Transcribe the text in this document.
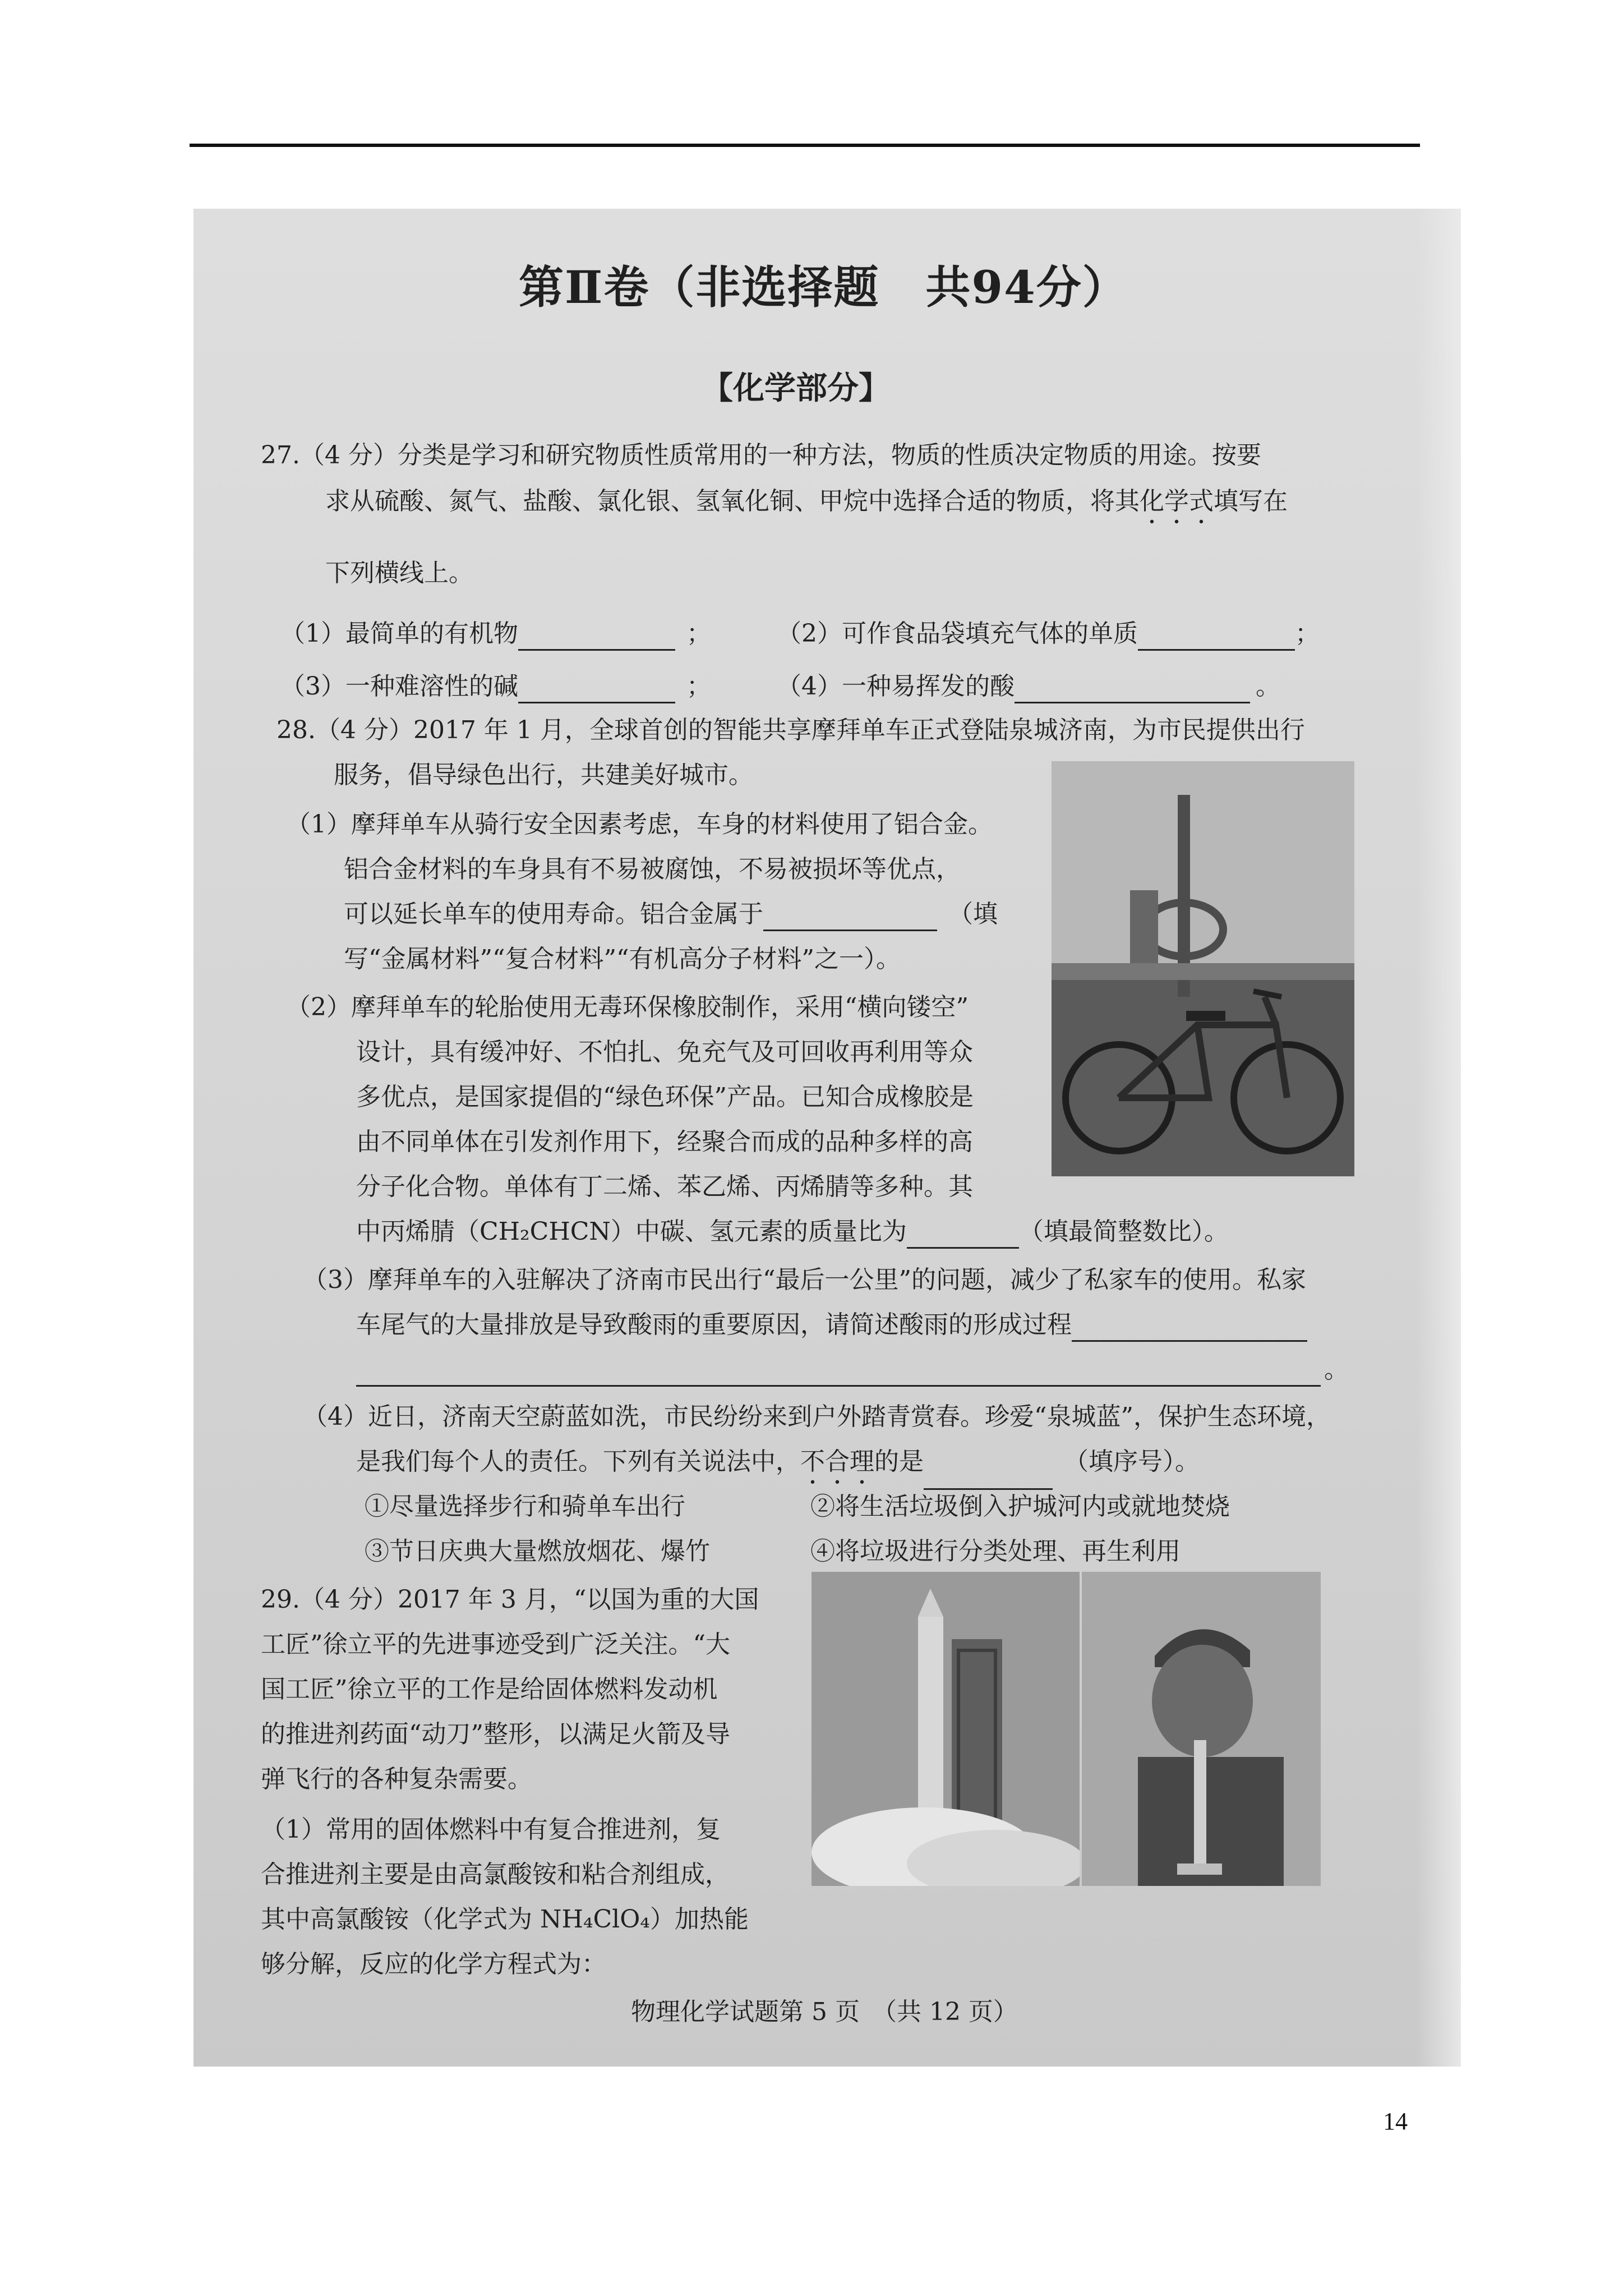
第Ⅱ卷（非选择题　共94分）
【化学部分】
27.（4 分）分类是学习和研究物质性质常用的一种方法，物质的性质决定物质的用途。按要
求从硫酸、氮气、盐酸、氯化银、氢氧化铜、甲烷中选择合适的物质，将其化学式填写在
下列横线上。
（1）最简单的有机物	；	（2）可作食品袋填充气体的单质	；
（3）一种难溶性的碱	；	（4）一种易挥发的酸	。
28.（4 分）2017 年 1 月，全球首创的智能共享摩拜单车正式登陆泉城济南，为市民提供出行
服务，倡导绿色出行，共建美好城市。
（1）摩拜单车从骑行安全因素考虑，车身的材料使用了铝合金。
铝合金材料的车身具有不易被腐蚀，不易被损坏等优点，
可以延长单车的使用寿命。铝合金属于	（填
写“金属材料”“复合材料”“有机高分子材料”之一）。
（2）摩拜单车的轮胎使用无毒环保橡胶制作，采用“横向镂空”
设计，具有缓冲好、不怕扎、免充气及可回收再利用等众
多优点，是国家提倡的“绿色环保”产品。已知合成橡胶是
由不同单体在引发剂作用下，经聚合而成的品种多样的高
分子化合物。单体有丁二烯、苯乙烯、丙烯腈等多种。其
中丙烯腈（CH₂CHCN）中碳、氢元素的质量比为	（填最简整数比）。
（3）摩拜单车的入驻解决了济南市民出行“最后一公里”的问题，减少了私家车的使用。私家
车尾气的大量排放是导致酸雨的重要原因，请简述酸雨的形成过程
。
（4）近日，济南天空蔚蓝如洗，市民纷纷来到户外踏青赏春。珍爱“泉城蓝”，保护生态环境，
是我们每个人的责任。下列有关说法中，不合理的是	（填序号）。
①尽量选择步行和骑单车出行	②将生活垃圾倒入护城河内或就地焚烧
③节日庆典大量燃放烟花、爆竹	④将垃圾进行分类处理、再生利用
29.（4 分）2017 年 3 月，“以国为重的大国
工匠”徐立平的先进事迹受到广泛关注。“大
国工匠”徐立平的工作是给固体燃料发动机
的推进剂药面“动刀”整形，以满足火箭及导
弹飞行的各种复杂需要。
（1）常用的固体燃料中有复合推进剂，复
合推进剂主要是由高氯酸铵和粘合剂组成，
其中高氯酸铵（化学式为 NH₄ClO₄）加热能
够分解，反应的化学方程式为：
物理化学试题第 5 页　（共 12 页）
14
